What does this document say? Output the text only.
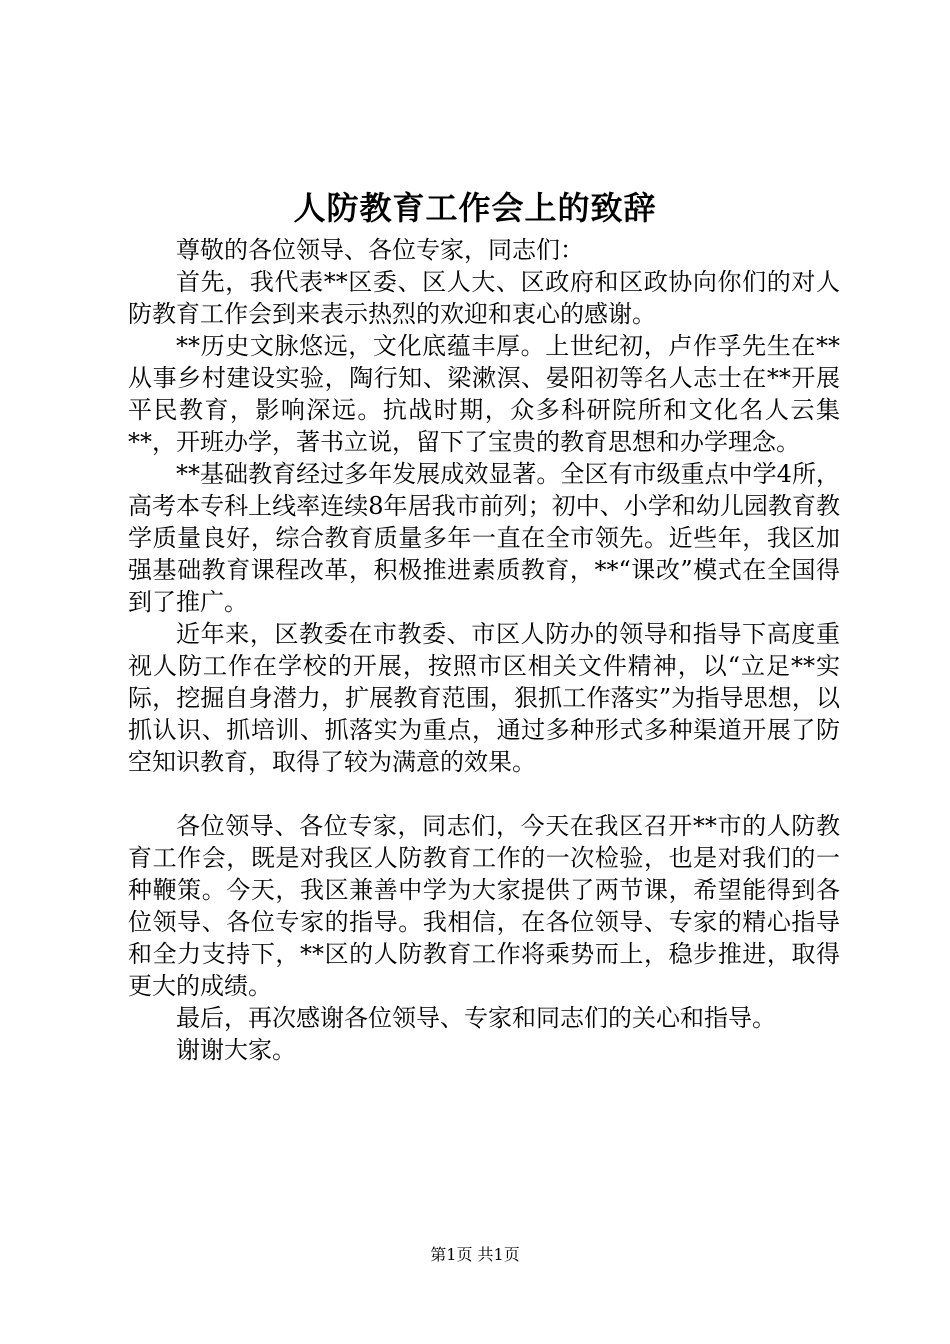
人防教育工作会上的致辞

尊敬的各位领导、各位专家，同志们：

首先，我代表**区委、区人大、区政府和区政协向你们的对人防教育工作会到来表示热烈的欢迎和衷心的感谢。

**历史文脉悠远，文化底蕴丰厚。上世纪初，卢作孚先生在**从事乡村建设实验，陶行知、梁漱溟、晏阳初等名人志士在**开展平民教育，影响深远。抗战时期，众多科研院所和文化名人云集**，开班办学，著书立说，留下了宝贵的教育思想和办学理念。

**基础教育经过多年发展成效显著。全区有市级重点中学4所，高考本专科上线率连续8年居我市前列；初中、小学和幼儿园教育教学质量良好，综合教育质量多年一直在全市领先。近些年，我区加强基础教育课程改革，积极推进素质教育，**“课改”模式在全国得到了推广。

近年来，区教委在市教委、市区人防办的领导和指导下高度重视人防工作在学校的开展，按照市区相关文件精神，以“立足**实际，挖掘自身潜力，扩展教育范围，狠抓工作落实”为指导思想，以抓认识、抓培训、抓落实为重点，通过多种形式多种渠道开展了防空知识教育，取得了较为满意的效果。

各位领导、各位专家，同志们，今天在我区召开**市的人防教育工作会，既是对我区人防教育工作的一次检验，也是对我们的一种鞭策。今天，我区兼善中学为大家提供了两节课，希望能得到各位领导、各位专家的指导。我相信，在各位领导、专家的精心指导和全力支持下，**区的人防教育工作将乘势而上，稳步推进，取得更大的成绩。

最后，再次感谢各位领导、专家和同志们的关心和指导。

谢谢大家。

第1页 共1页
